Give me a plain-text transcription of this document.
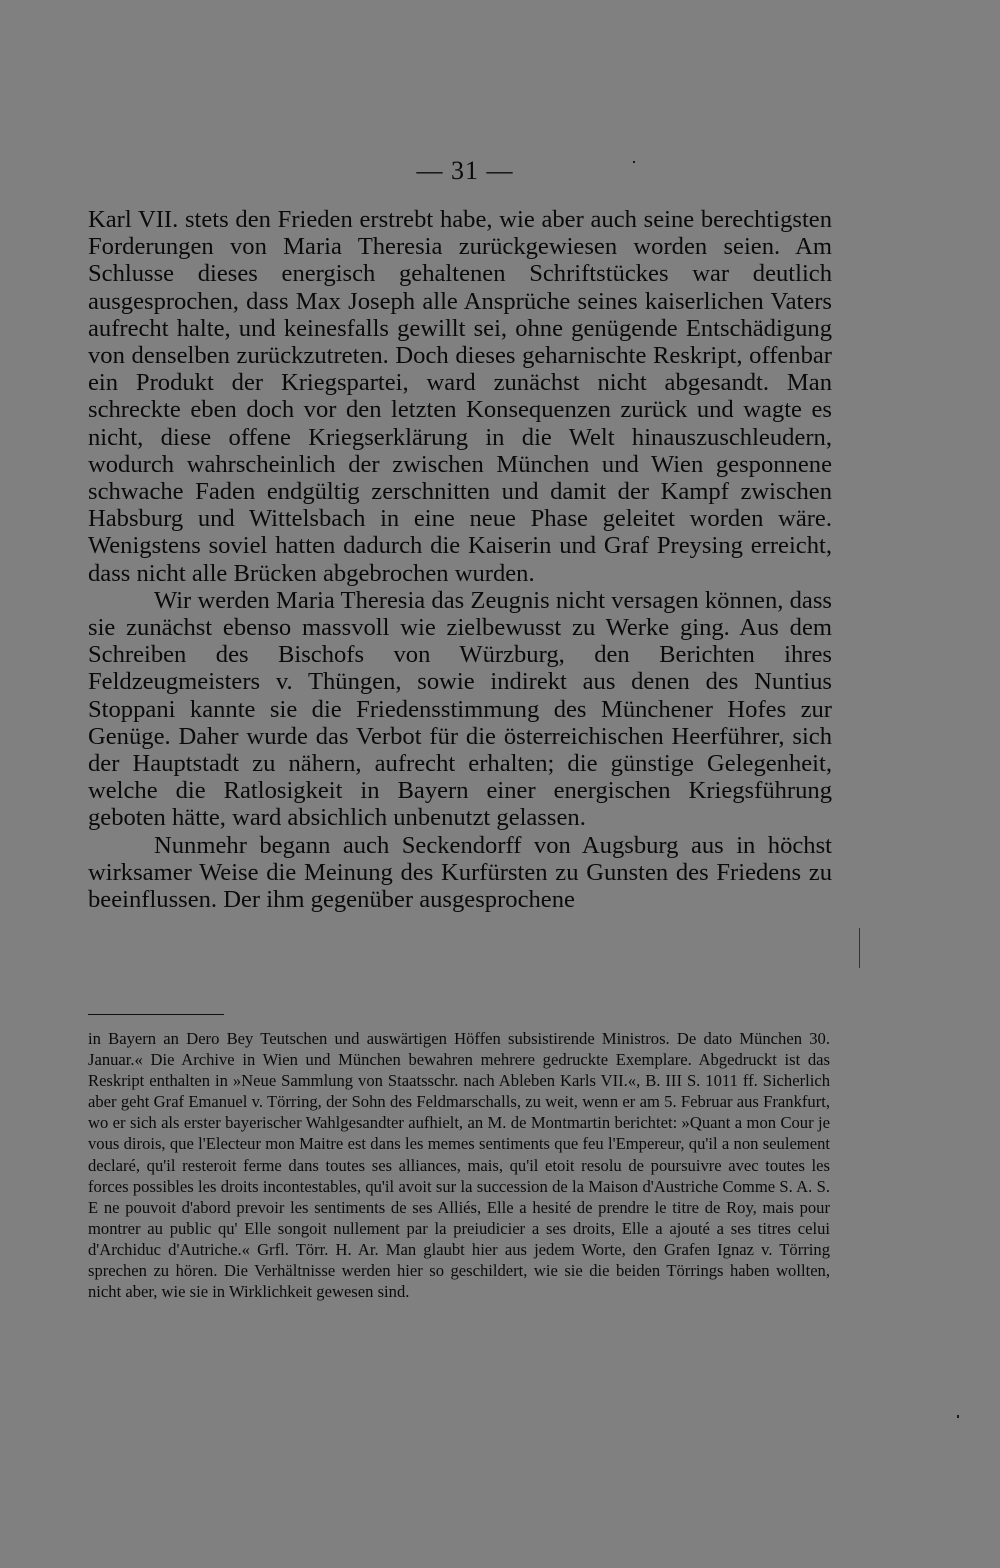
— 31 —

Karl VII. stets den Frieden erstrebt habe, wie aber auch seine berechtigsten Forderungen von Maria Theresia zurückgewiesen worden seien. Am Schlusse dieses energisch gehaltenen Schriftstückes war deutlich ausgesprochen, dass Max Joseph alle Ansprüche seines kaiserlichen Vaters aufrecht halte, und keinesfalls gewillt sei, ohne genügende Entschädigung von denselben zurückzutreten. Doch dieses geharnischte Reskript, offenbar ein Produkt der Kriegspartei, ward zunächst nicht abgesandt. Man schreckte eben doch vor den letzten Konsequenzen zurück und wagte es nicht, diese offene Kriegserklärung in die Welt hinauszuschleudern, wodurch wahrscheinlich der zwischen München und Wien gesponnene schwache Faden endgültig zerschnitten und damit der Kampf zwischen Habsburg und Wittelsbach in eine neue Phase geleitet worden wäre. Wenigstens soviel hatten dadurch die Kaiserin und Graf Preysing erreicht, dass nicht alle Brücken abgebrochen wurden.

Wir werden Maria Theresia das Zeugnis nicht versagen können, dass sie zunächst ebenso massvoll wie zielbewusst zu Werke ging. Aus dem Schreiben des Bischofs von Würzburg, den Berichten ihres Feldzeugmeisters v. Thüngen, sowie indirekt aus denen des Nuntius Stoppani kannte sie die Friedensstimmung des Münchener Hofes zur Genüge. Daher wurde das Verbot für die österreichischen Heerführer, sich der Hauptstadt zu nähern, aufrecht erhalten; die günstige Gelegenheit, welche die Ratlosigkeit in Bayern einer energischen Kriegsführung geboten hätte, ward absichlich unbenutzt gelassen.

Nunmehr begann auch Seckendorff von Augsburg aus in höchst wirksamer Weise die Meinung des Kurfürsten zu Gunsten des Friedens zu beeinflussen. Der ihm gegenüber ausgesprochene

in Bayern an Dero Bey Teutschen und auswärtigen Höffen subsistirende Ministros. De dato München 30. Januar.« Die Archive in Wien und München bewahren mehrere gedruckte Exemplare. Abgedruckt ist das Reskript enthalten in »Neue Sammlung von Staatsschr. nach Ableben Karls VII.«, B. III S. 1011 ff. Sicherlich aber geht Graf Emanuel v. Törring, der Sohn des Feldmarschalls, zu weit, wenn er am 5. Februar aus Frankfurt, wo er sich als erster bayerischer Wahlgesandter aufhielt, an M. de Montmartin berichtet: »Quant a mon Cour je vous dirois, que l'Electeur mon Maitre est dans les memes sentiments que feu l'Empereur, qu'il a non seulement declaré, qu'il resteroit ferme dans toutes ses alliances, mais, qu'il etoit resolu de poursuivre avec toutes les forces possibles les droits incontestables, qu'il avoit sur la succession de la Maison d'Austriche Comme S. A. S. E ne pouvoit d'abord prevoir les sentiments de ses Alliés, Elle a hesité de prendre le titre de Roy, mais pour montrer au public qu' Elle songoit nullement par la preiudicier a ses droits, Elle a ajouté a ses titres celui d'Archiduc d'Autriche.« Grfl. Törr. H. Ar. Man glaubt hier aus jedem Worte, den Grafen Ignaz v. Törring sprechen zu hören. Die Verhältnisse werden hier so geschildert, wie sie die beiden Törrings haben wollten, nicht aber, wie sie in Wirklichkeit gewesen sind.
